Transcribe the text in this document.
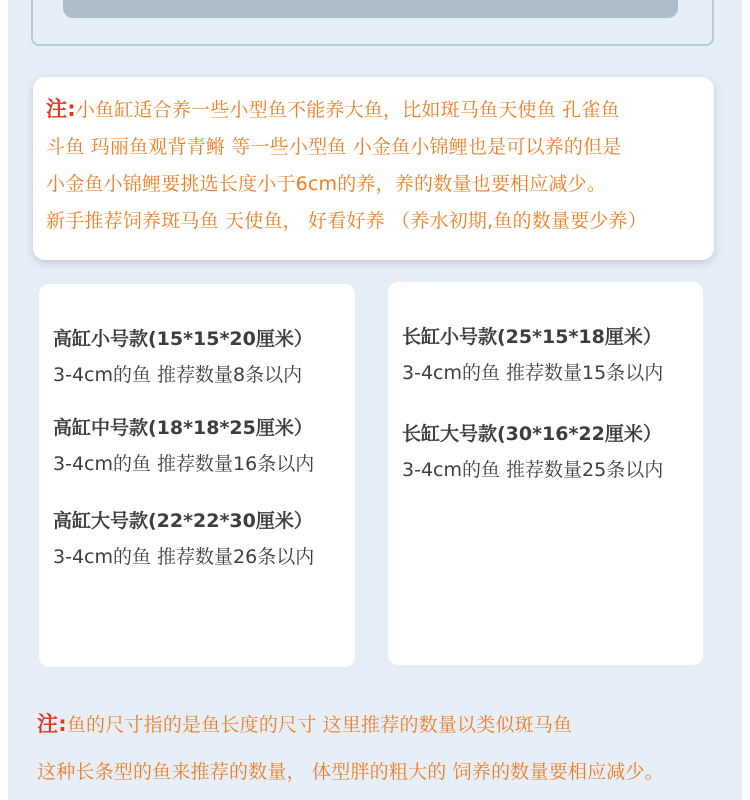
注:小鱼缸适合养一些小型鱼不能养大鱼，比如斑马鱼天使鱼 孔雀鱼
斗鱼 玛丽鱼观背青鳉 等一些小型鱼 小金鱼小锦鲤也是可以养的但是
小金鱼小锦鲤要挑选长度小于6cm的养，养的数量也要相应减少。
新手推荐饲养斑马鱼 天使鱼， 好看好养 （养水初期,鱼的数量要少养）
高缸小号款(15*15*20厘米）
3-4cm的鱼 推荐数量8条以内
高缸中号款(18*18*25厘米）
3-4cm的鱼 推荐数量16条以内
高缸大号款(22*22*30厘米）
3-4cm的鱼 推荐数量26条以内
长缸小号款(25*15*18厘米）
3-4cm的鱼 推荐数量15条以内
长缸大号款(30*16*22厘米）
3-4cm的鱼 推荐数量25条以内
注:鱼的尺寸指的是鱼长度的尺寸 这里推荐的数量以类似斑马鱼
这种长条型的鱼来推荐的数量， 体型胖的粗大的 饲养的数量要相应减少。
